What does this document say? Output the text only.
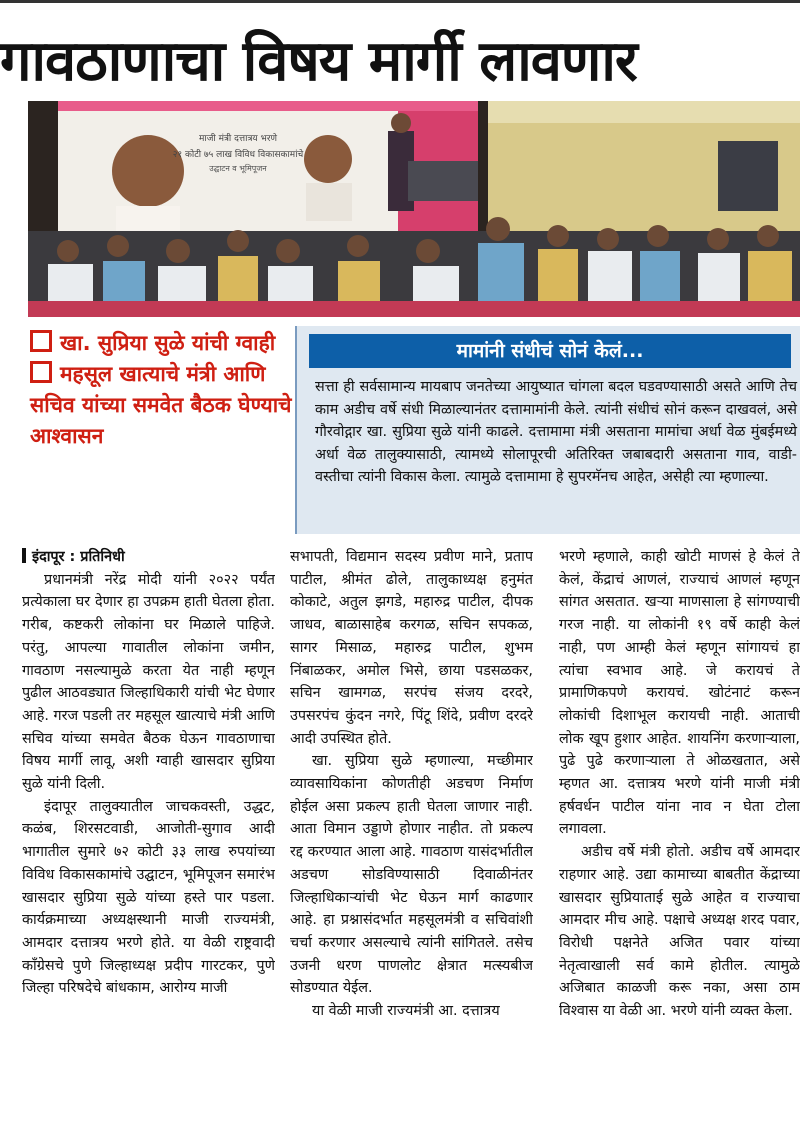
गावठाणाचा विषय मार्गी लावणार
माजी मंत्री दत्तात्रय भरणे
२१ कोटी ७५ लाख विविध विकासकामांचे
उद्घाटन व भूमिपूजन
खा. सुप्रिया सुळे यांची ग्वाही
महसूल खात्याचे मंत्री आणि सचिव यांच्या समवेत बैठक घेण्याचे आश्वासन
मामांनी संधीचं सोनं केलं...
सत्ता ही सर्वसामान्य मायबाप जनतेच्या आयुष्यात चांगला बदल घडवण्यासाठी असते आणि तेच काम अडीच वर्षे संधी मिळाल्यानंतर दत्तामामांनी केले. त्यांनी संधीचं सोनं करून दाखवलं, असे गौरवोद्गार खा. सुप्रिया सुळे यांनी काढले. दत्तामामा मंत्री असताना मामांचा अर्धा वेळ मुंबईमध्ये अर्धा वेळ तालुक्यासाठी, त्यामध्ये सोलापूरची अतिरिक्त जबाबदारी असताना गाव, वाडी-वस्तीचा त्यांनी विकास केला. त्यामुळे दत्तामामा हे सुपरमॅनच आहेत, असेही त्या म्हणाल्या.

इंदापूर : प्रतिनिधी

प्रधानमंत्री नरेंद्र मोदी यांनी २०२२ पर्यंत प्रत्येकाला घर देणार हा उपक्रम हाती घेतला होता. गरीब, कष्टकरी लोकांना घर मिळाले पाहिजे. परंतु, आपल्या गावातील लोकांना जमीन, गावठाण नसल्यामुळे करता येत नाही म्हणून पुढील आठवड्यात जिल्हाधिकारी यांची भेट घेणार आहे. गरज पडली तर महसूल खात्याचे मंत्री आणि सचिव यांच्या समवेत बैठक घेऊन गावठाणाचा विषय मार्गी लावू, अशी ग्वाही खासदार सुप्रिया सुळे यांनी दिली.

इंदापूर तालुक्यातील जाचकवस्ती, उद्धट, कळंब, शिरसटवाडी, आजोती-सुगाव आदी भागातील सुमारे ७२ कोटी ३३ लाख रुपयांच्या विविध विकासकामांचे उद्घाटन, भूमिपूजन समारंभ खासदार सुप्रिया सुळे यांच्या हस्ते पार पडला. कार्यक्रमाच्या अध्यक्षस्थानी माजी राज्यमंत्री, आमदार दत्तात्रय भरणे होते. या वेळी राष्ट्रवादी काँग्रेसचे पुणे जिल्हाध्यक्ष प्रदीप गारटकर, पुणे जिल्हा परिषदेचे बांधकाम, आरोग्य माजी

सभापती, विद्यमान सदस्य प्रवीण माने, प्रताप पाटील, श्रीमंत ढोले, तालुकाध्यक्ष हनुमंत कोकाटे, अतुल झगडे, महारुद्र पाटील, दीपक जाधव, बाळासाहेब करगळ, सचिन सपकळ, सागर मिसाळ, महारुद्र पाटील, शुभम निंबाळकर, अमोल भिसे, छाया पडसळकर, सचिन खामगळ, सरपंच संजय दरदरे, उपसरपंच कुंदन नगरे, पिंटू शिंदे, प्रवीण दरदरे आदी उपस्थित होते.

खा. सुप्रिया सुळे म्हणाल्या, मच्छीमार व्यावसायिकांना कोणतीही अडचण निर्माण होईल असा प्रकल्प हाती घेतला जाणार नाही. आता विमान उड्डाणे होणार नाहीत. तो प्रकल्प रद्द करण्यात आला आहे. गावठाण यासंदर्भातील अडचण सोडविण्यासाठी दिवाळीनंतर जिल्हाधिकाऱ्यांची भेट घेऊन मार्ग काढणार आहे. हा प्रश्नासंदर्भात महसूलमंत्री व सचिवांशी चर्चा करणार असल्याचे त्यांनी सांगितले. तसेच उजनी धरण पाणलोट क्षेत्रात मत्स्यबीज सोडण्यात येईल.

या वेळी माजी राज्यमंत्री आ. दत्तात्रय

भरणे म्हणाले, काही खोटी माणसं हे केलं ते केलं, केंद्राचं आणलं, राज्याचं आणलं म्हणून सांगत असतात. खऱ्या माणसाला हे सांगण्याची गरज नाही. या लोकांनी १९ वर्षे काही केलं नाही, पण आम्ही केलं म्हणून सांगायचं हा त्यांचा स्वभाव आहे. जे करायचं ते प्रामाणिकपणे करायचं. खोटंनाटं करून लोकांची दिशाभूल करायची नाही. आताची लोक खूप हुशार आहेत. शायनिंग करणाऱ्याला, पुढे पुढे करणाऱ्याला ते ओळखतात, असे म्हणत आ. दत्तात्रय भरणे यांनी माजी मंत्री हर्षवर्धन पाटील यांना नाव न घेता टोला लगावला.

अडीच वर्षे मंत्री होतो. अडीच वर्षे आमदार राहणार आहे. उद्या कामाच्या बाबतीत केंद्राच्या खासदार सुप्रियाताई सुळे आहेत व राज्याचा आमदार मीच आहे. पक्षाचे अध्यक्ष शरद पवार, विरोधी पक्षनेते अजित पवार यांच्या नेतृत्वाखाली सर्व कामे होतील. त्यामुळे अजिबात काळजी करू नका, असा ठाम विश्वास या वेळी आ. भरणे यांनी व्यक्त केला.
